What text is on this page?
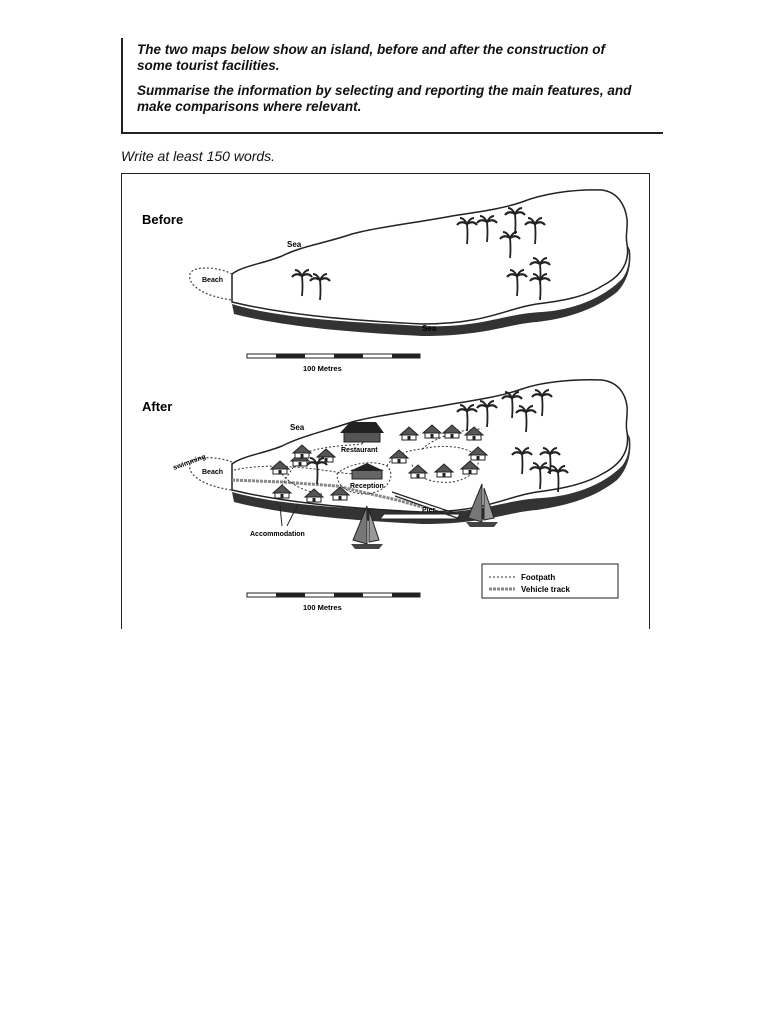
The two maps below show an island, before and after the construction of
some tourist facilities.
Summarise the information by selecting and reporting the main features, and
make comparisons where relevant.
Write at least 150 words.
Before
Beach
Sea
Sea
100 Metres
After
swimming
Beach
Sea
Restaurant
Reception
Accommodation
Pier
Footpath
Vehicle track
100 Metres
